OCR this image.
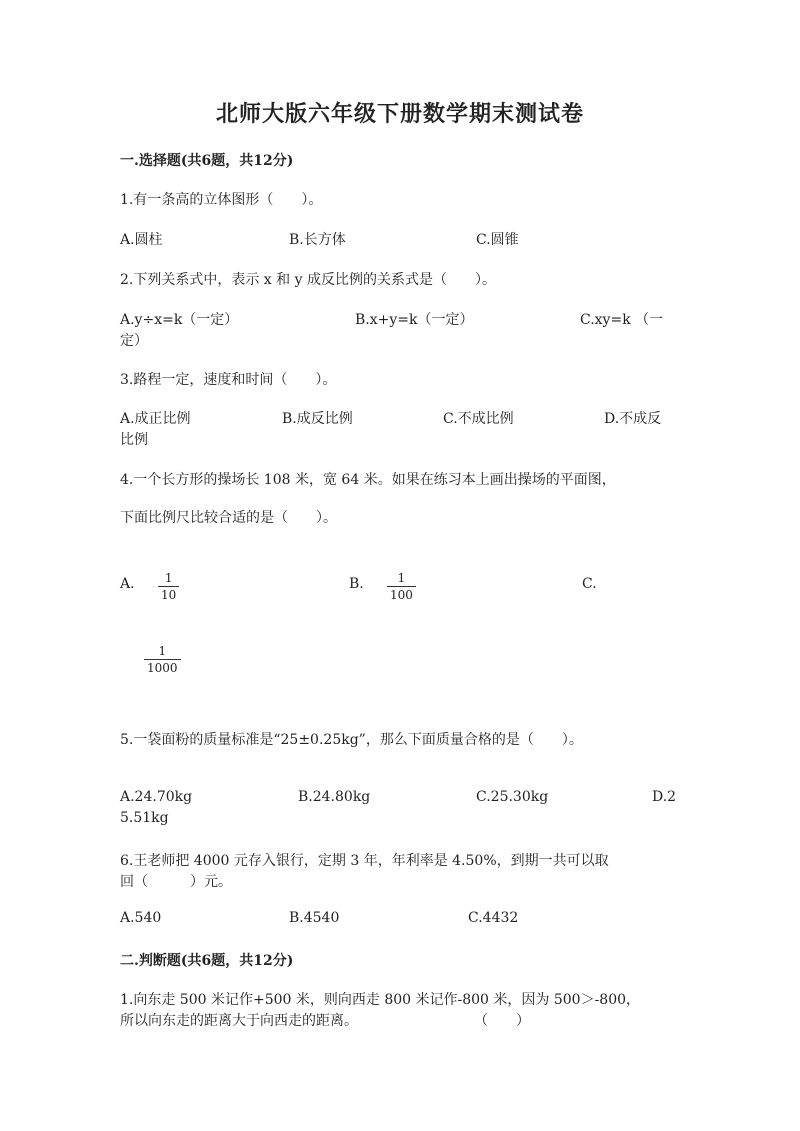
北师大版六年级下册数学期末测试卷
一.选择题(共6题，共12分)
1.有一条高的立体图形（　　）。
A.圆柱	B.长方体	C.圆锥
2.下列关系式中，表示 x 和 y 成反比例的关系式是（　　）。
A.y÷x=k（一定）	B.x+y=k（一定）	C.xy=k （一
定）
3.路程一定，速度和时间（　　）。
A.成正比例	B.成反比例	C.不成比例	D.不成反
比例
4.一个长方形的操场长 108 米，宽 64 米。如果在练习本上画出操场的平面图，
下面比例尺比较合适的是（　　）。
A. $\frac{1}{10}$	B. $\frac{1}{100}$	C.
$\frac{1}{1000}$
5.一袋面粉的质量标准是“25±0.25kg”，那么下面质量合格的是（　　）。
A.24.70kg	B.24.80kg	C.25.30kg	D.2
5.51kg
6.王老师把 4000 元存入银行，定期 3 年，年利率是 4.50%，到期一共可以取
回（　　　）元。
A.540	B.4540	C.4432
二.判断题(共6题，共12分)
1.向东走 500 米记作+500 米，则向西走 800 米记作-800 米，因为 500＞-800，
所以向东走的距离大于向西走的距离。	（　　）
